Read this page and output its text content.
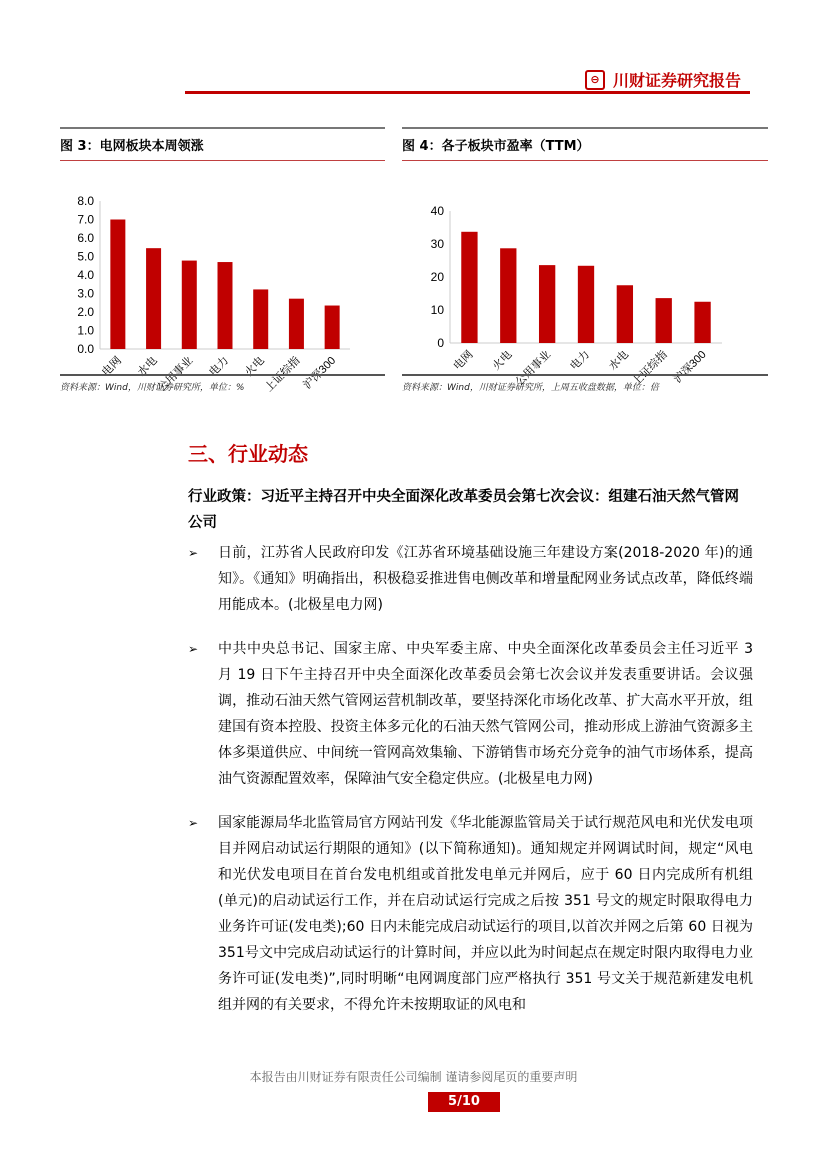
⊖ 川财证券研究报告
图 3：电网板块本周领涨
0.0
1.0
2.0
3.0
4.0
5.0
6.0
7.0
8.0
电网 水电
公用事业 电力 火电
上证综指
沪深300
资料来源：Wind，川财证券研究所，单位：%
图 4：各子板块市盈率（TTM）
0
10
20
30
40
电网 火电 公用事业 电力 水电 上证综指 沪深300
资料来源：Wind，川财证券研究所，上周五收盘数据，单位：倍
三、行业动态
行业政策：习近平主持召开中央全面深化改革委员会第七次会议：组建石油天然气管网公司
➢ 日前，江苏省人民政府印发《江苏省环境基础设施三年建设方案(2018-2020 年)的通知》。《通知》明确指出，积极稳妥推进售电侧改革和增量配网业务试点改革，降低终端用能成本。(北极星电力网)
➢ 中共中央总书记、国家主席、中央军委主席、中央全面深化改革委员会主任习近平 3 月 19 日下午主持召开中央全面深化改革委员会第七次会议并发表重要讲话。会议强调，推动石油天然气管网运营机制改革，要坚持深化市场化改革、扩大高水平开放，组建国有资本控股、投资主体多元化的石油天然气管网公司，推动形成上游油气资源多主体多渠道供应、中间统一管网高效集输、下游销售市场充分竞争的油气市场体系，提高油气资源配置效率，保障油气安全稳定供应。(北极星电力网)
➢ 国家能源局华北监管局官方网站刊发《华北能源监管局关于试行规范风电和光伏发电项目并网启动试运行期限的通知》(以下简称通知)。通知规定并网调试时间，规定“风电和光伏发电项目在首台发电机组或首批发电单元并网后，应于 60 日内完成所有机组(单元)的启动试运行工作，并在启动试运行完成之后按 351 号文的规定时限取得电力业务许可证(发电类);60 日内未能完成启动试运行的项目,以首次并网之后第 60 日视为 351号文中完成启动试运行的计算时间，并应以此为时间起点在规定时限内取得电力业务许可证(发电类)”,同时明晰“电网调度部门应严格执行 351 号文关于规范新建发电机组并网的有关要求，不得允许未按期取证的风电和
本报告由川财证券有限责任公司编制 谨请参阅尾页的重要声明
5/10
